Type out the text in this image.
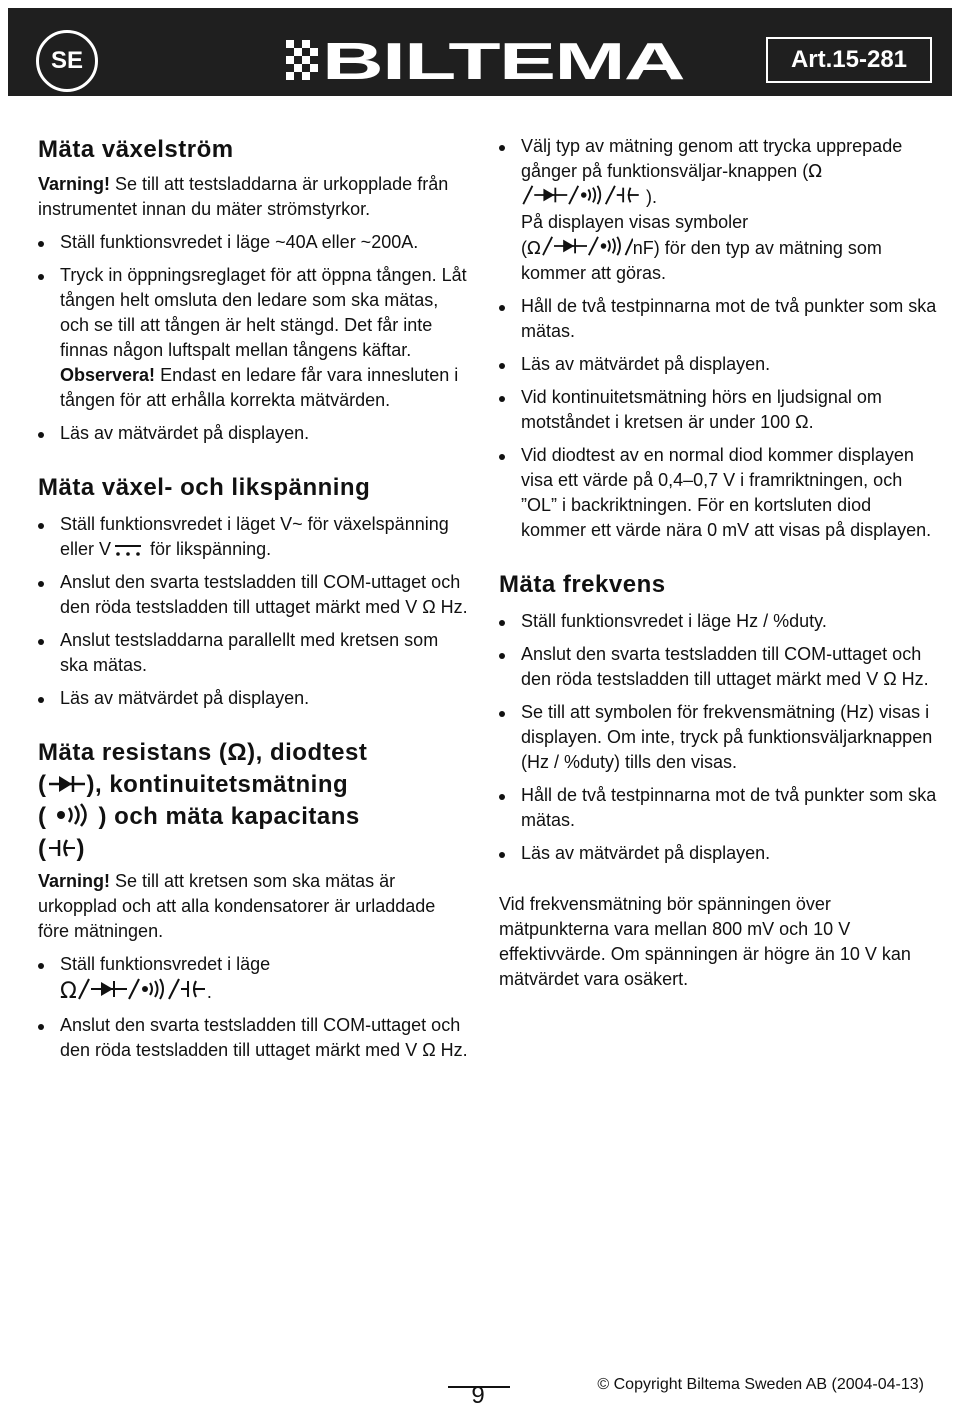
SE	BILTEMA	Art.15-281
Mäta växelström

Varning! Se till att testsladdarna är urkopplade från instrumentet innan du mäter strömstyrkor.

Ställ funktionsvredet i läge ~40A eller ~200A.
Tryck in öppningsreglaget för att öppna tången. Låt tången helt omsluta den ledare som ska mätas, och se till att tången är helt stängd. Det får inte finnas någon luftspalt mellan tångens käftar.
Observera! Endast en ledare får vara innesluten i tången för att erhålla korrekta mätvärden.
Läs av mätvärdet på displayen.
Mäta växel- och likspänning
Ställ funktionsvredet i läget V~ för växelspänning eller V för likspänning.
Anslut den svarta testsladden till COM-uttaget och den röda testsladden till uttaget märkt med V Ω Hz.
Anslut testsladdarna parallellt med kretsen som ska mätas.
Läs av mätvärdet på displayen.
Mäta resistans (Ω), diodtest
( ), kontinuitetsmätning
( ) och mäta kapacitans
( )

Varning! Se till att kretsen som ska mätas är urkopplad och att alla kondensatorer är urladdade före mätningen.

Ställ funktionsvredet i läge
Ω	.
Anslut den svarta testsladden till COM-uttaget och den röda testsladden till uttaget märkt med V Ω Hz.
Välj typ av mätning genom att trycka upprepade gånger på funktionsväljar-knappen (Ω ).
På displayen visas symboler
(Ω	nF) för den typ av mätning som kommer att göras.
Håll de två testpinnarna mot de två punkter som ska mätas.
Läs av mätvärdet på displayen.
Vid kontinuitetsmätning hörs en ljudsignal om motståndet i kretsen är under 100 Ω.
Vid diodtest av en normal diod kommer displayen visa ett värde på 0,4–0,7 V i framriktningen, och ”OL” i backriktningen. För en kortsluten diod kommer ett värde nära 0 mV att visas på displayen.
Mäta frekvens
Ställ funktionsvredet i läge Hz / %duty.
Anslut den svarta testsladden till COM-uttaget och den röda testsladden till uttaget märkt med V Ω Hz.
Se till att symbolen för frekvensmätning (Hz) visas i displayen. Om inte, tryck på funktionsväljarknappen (Hz / %duty) tills den visas.
Håll de två testpinnarna mot de två punkter som ska mätas.
Läs av mätvärdet på displayen.

Vid frekvensmätning bör spänningen över mätpunkterna vara mellan 800 mV och 10 V effektivvärde. Om spänningen är högre än 10 V kan mätvärdet vara osäkert.

9	© Copyright Biltema Sweden AB (2004-04-13)
